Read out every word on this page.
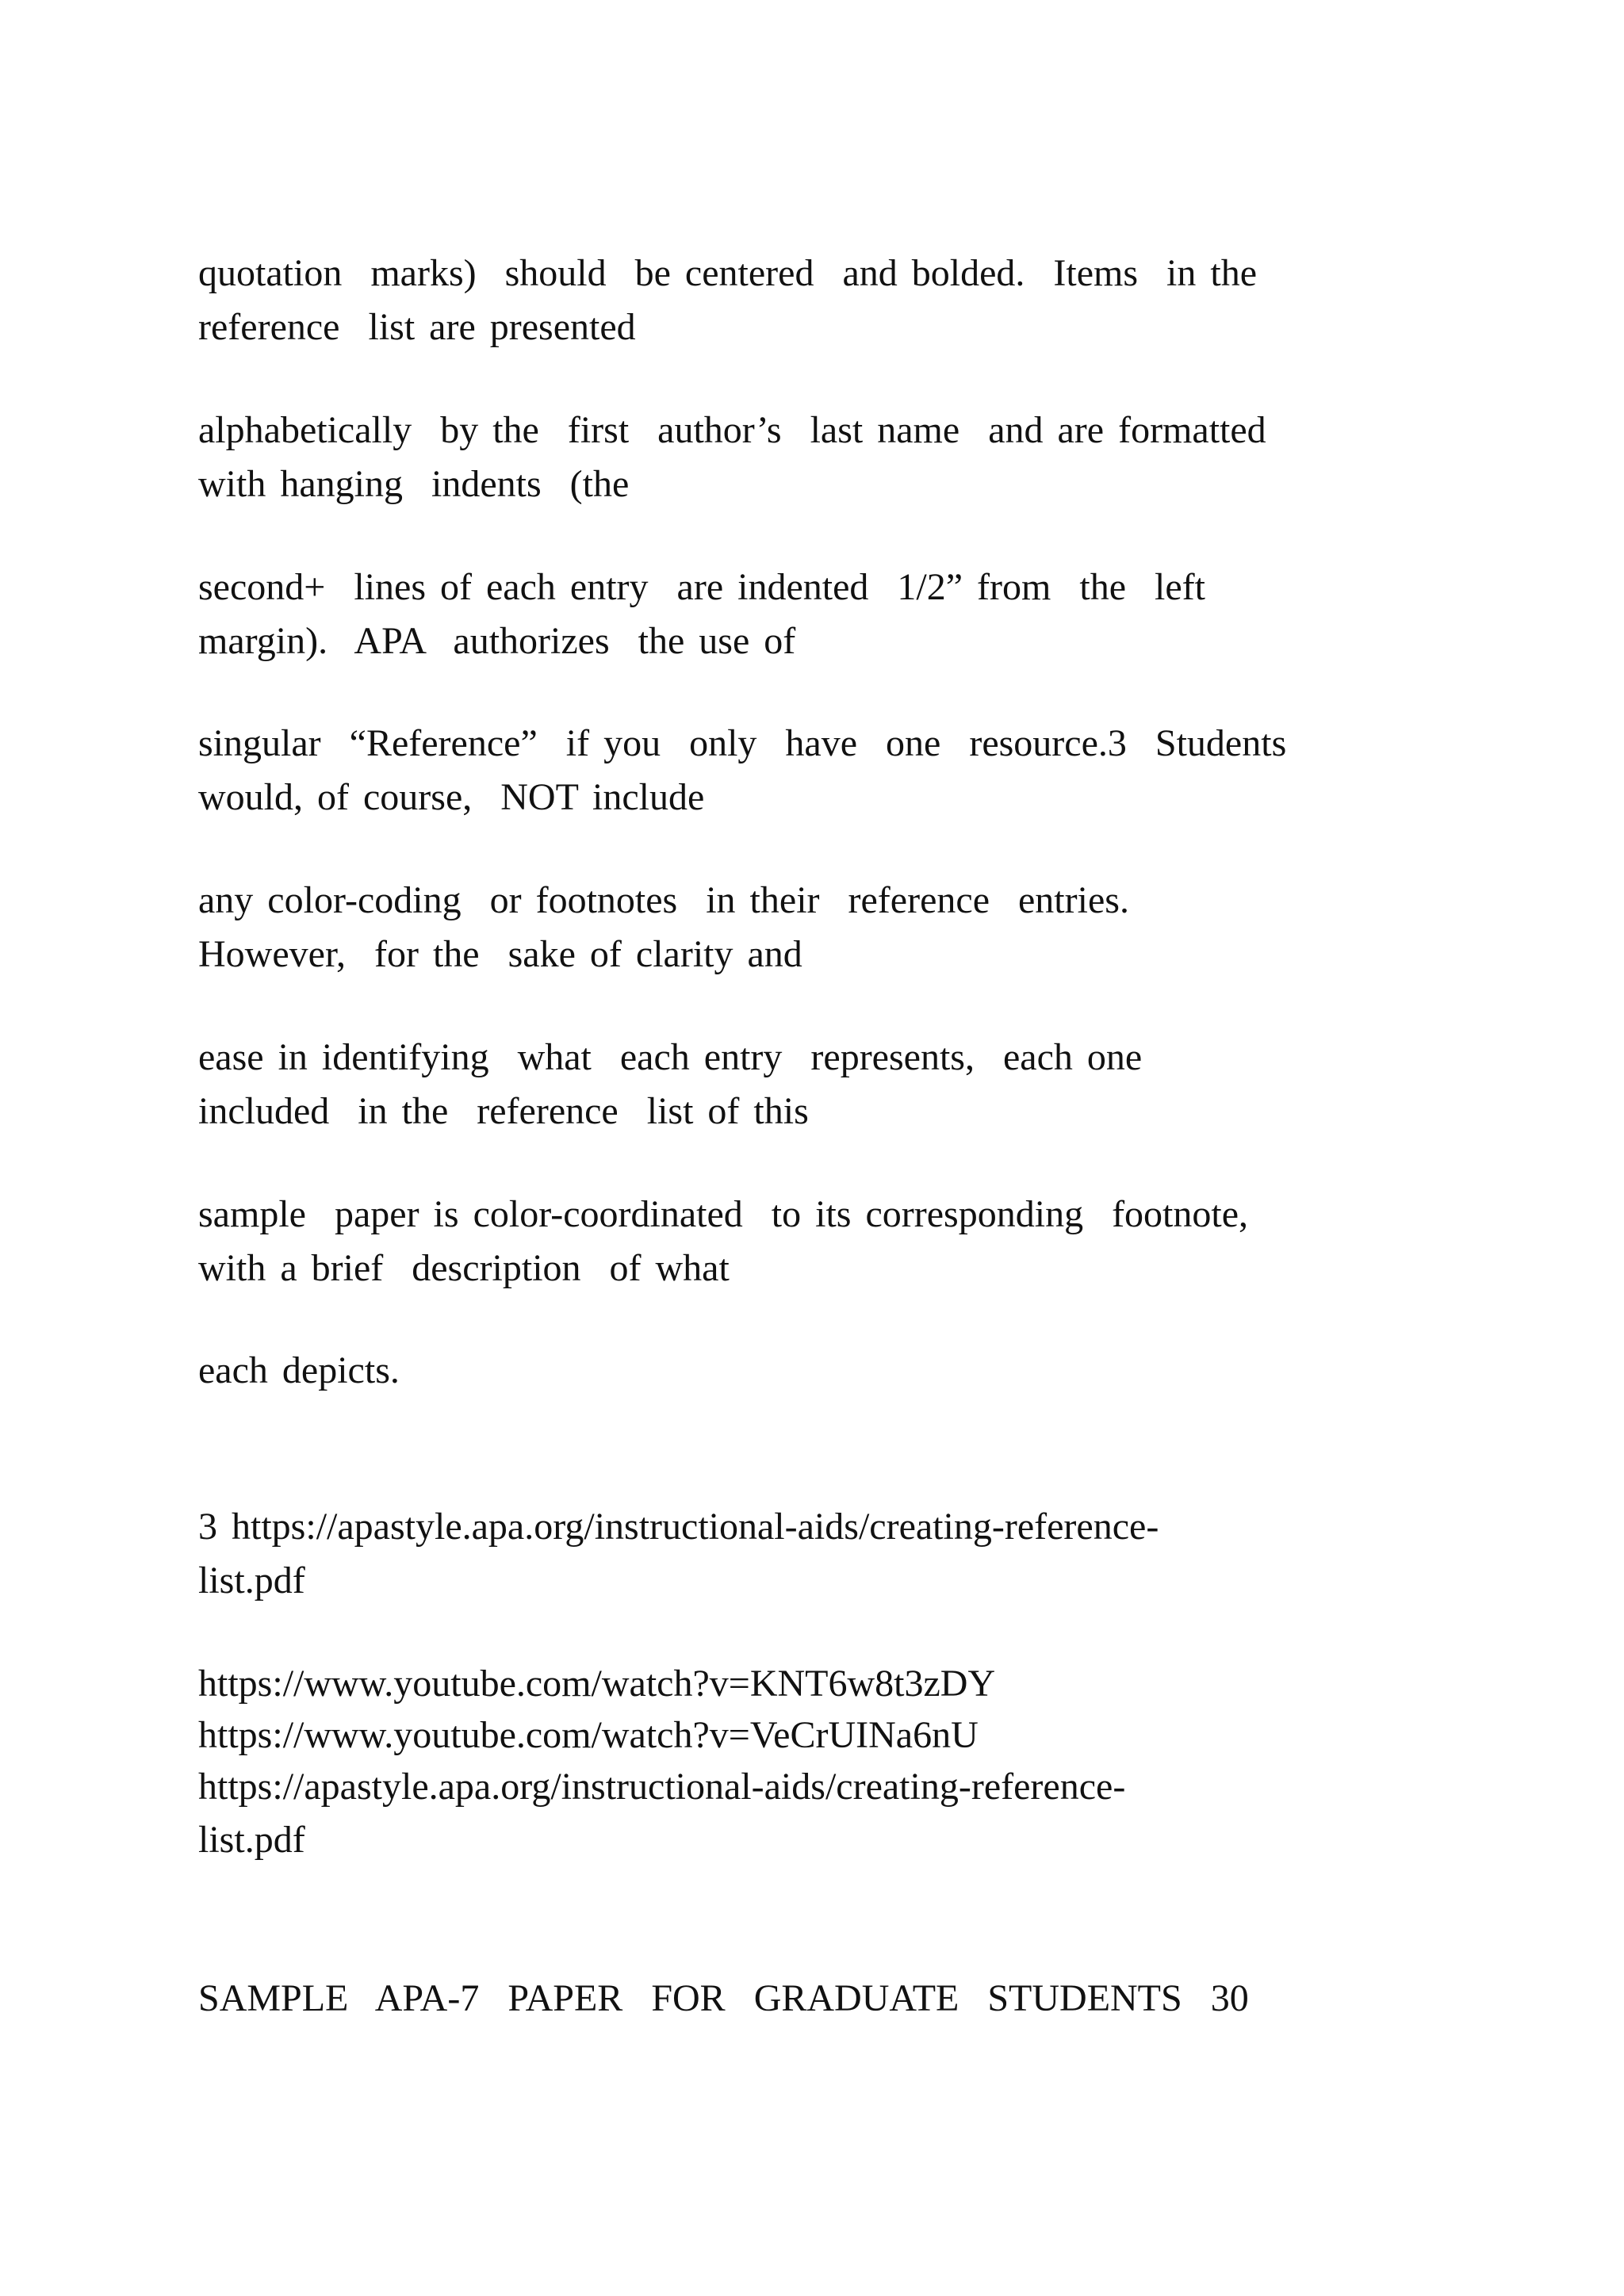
quotation  marks)  should  be centered  and bolded.  Items  in the
reference  list are presented
alphabetically  by the  first  author’s  last name  and are formatted
with hanging  indents  (the
second+  lines of each entry  are indented  1/2” from  the  left
margin).  APA  authorizes  the use of
singular  “Reference”  if you  only  have  one  resource.3  Students
would, of course,  NOT include
any color-coding  or footnotes  in their  reference  entries.
However,  for the  sake of clarity and
ease in identifying  what  each entry  represents,  each one
included  in the  reference  list of this
sample  paper is color-coordinated  to its corresponding  footnote,
with a brief  description  of what
each depicts.
3 https://apastyle.apa.org/instructional-aids/creating-reference-
list.pdf
https://www.youtube.com/watch?v=KNT6w8t3zDY
https://www.youtube.com/watch?v=VeCrUINa6nU
https://apastyle.apa.org/instructional-aids/creating-reference-
list.pdf
SAMPLE  APA-7  PAPER  FOR  GRADUATE  STUDENTS  30
